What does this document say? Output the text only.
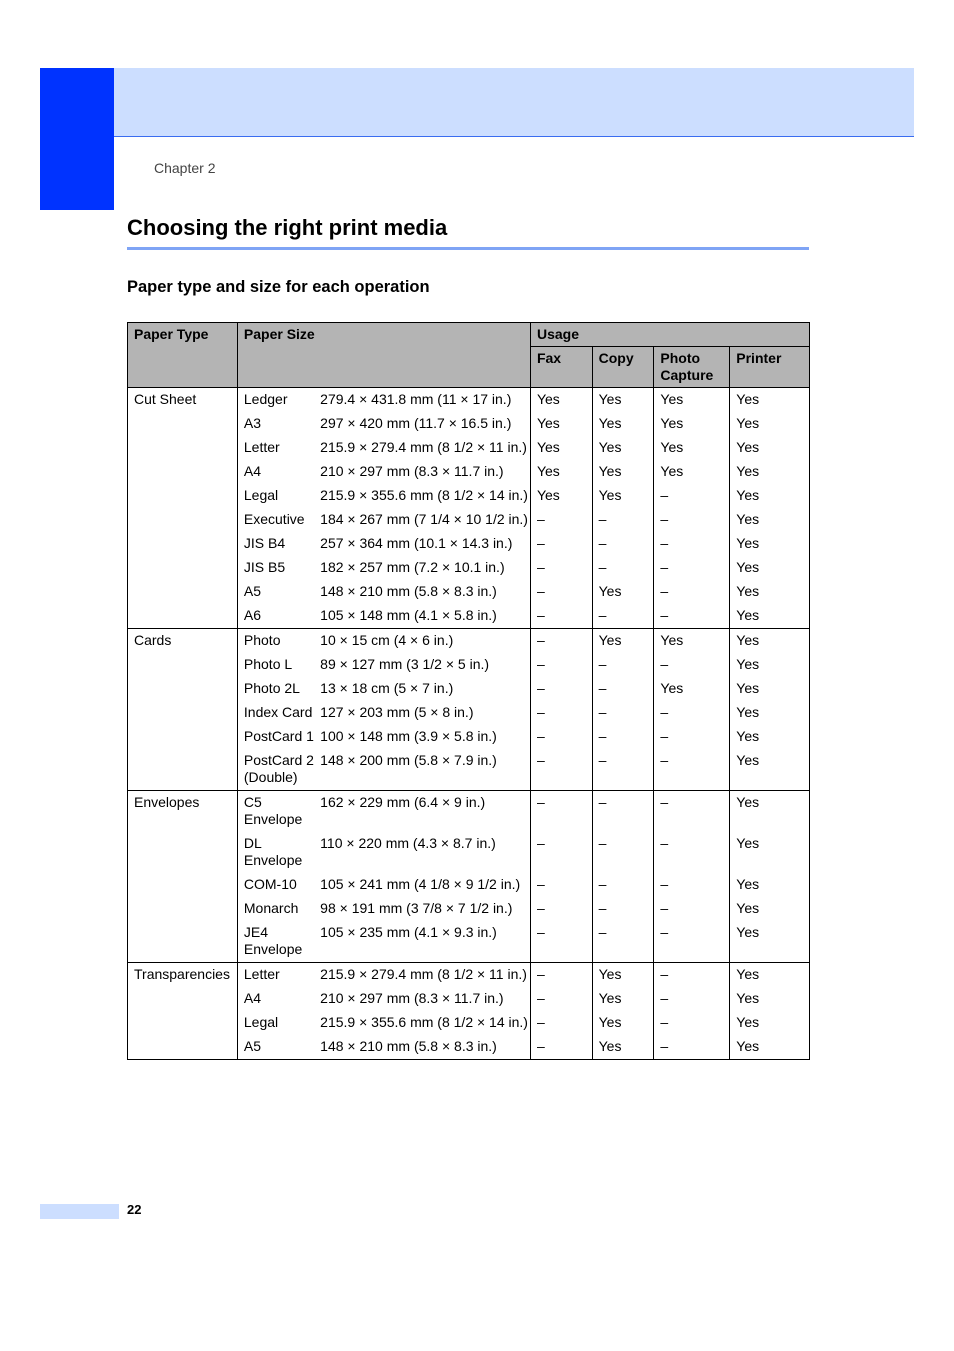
Chapter 2
Choosing the right print media
Paper type and size for each operation
Paper Type	Paper Size		Usage			
			Fax	Copy	Photo Capture	Printer
Cut Sheet	Ledger	279.4 × 431.8 mm (11 × 17 in.)	Yes	Yes	Yes	Yes
	A3	297 × 420 mm (11.7 × 16.5 in.)	Yes	Yes	Yes	Yes
	Letter	215.9 × 279.4 mm (8 1/2 × 11 in.)	Yes	Yes	Yes	Yes
	A4	210 × 297 mm (8.3 × 11.7 in.)	Yes	Yes	Yes	Yes
	Legal	215.9 × 355.6 mm (8 1/2 × 14 in.)	Yes	Yes	–	Yes
	Executive	184 × 267 mm (7 1/4 × 10 1/2 in.)	–	–	–	Yes
	JIS B4	257 × 364 mm (10.1 × 14.3 in.)	–	–	–	Yes
	JIS B5	182 × 257 mm (7.2 × 10.1 in.)	–	–	–	Yes
	A5	148 × 210 mm (5.8 × 8.3 in.)	–	Yes	–	Yes
	A6	105 × 148 mm (4.1 × 5.8 in.)	–	–	–	Yes
Cards	Photo	10 × 15 cm (4 × 6 in.)	–	Yes	Yes	Yes
	Photo L	89 × 127 mm (3 1/2 × 5 in.)	–	–	–	Yes
	Photo 2L	13 × 18 cm (5 × 7 in.)	–	–	Yes	Yes
	Index Card	127 × 203 mm (5 × 8 in.)	–	–	–	Yes
	PostCard 1	100 × 148 mm (3.9 × 5.8 in.)	–	–	–	Yes
	PostCard 2 (Double)	148 × 200 mm (5.8 × 7.9 in.)	–	–	–	Yes
Envelopes	C5 Envelope	162 × 229 mm (6.4 × 9 in.)	–	–	–	Yes
	DL Envelope	110 × 220 mm (4.3 × 8.7 in.)	–	–	–	Yes
	COM-10	105 × 241 mm (4 1/8 × 9 1/2 in.)	–	–	–	Yes
	Monarch	98 × 191 mm (3 7/8 × 7 1/2 in.)	–	–	–	Yes
	JE4 Envelope	105 × 235 mm (4.1 × 9.3 in.)	–	–	–	Yes
Transparencies	Letter	215.9 × 279.4 mm (8 1/2 × 11 in.)	–	Yes	–	Yes
	A4	210 × 297 mm (8.3 × 11.7 in.)	–	Yes	–	Yes
	Legal	215.9 × 355.6 mm (8 1/2 × 14 in.)	–	Yes	–	Yes
	A5	148 × 210 mm (5.8 × 8.3 in.)	–	Yes	–	Yes
22
